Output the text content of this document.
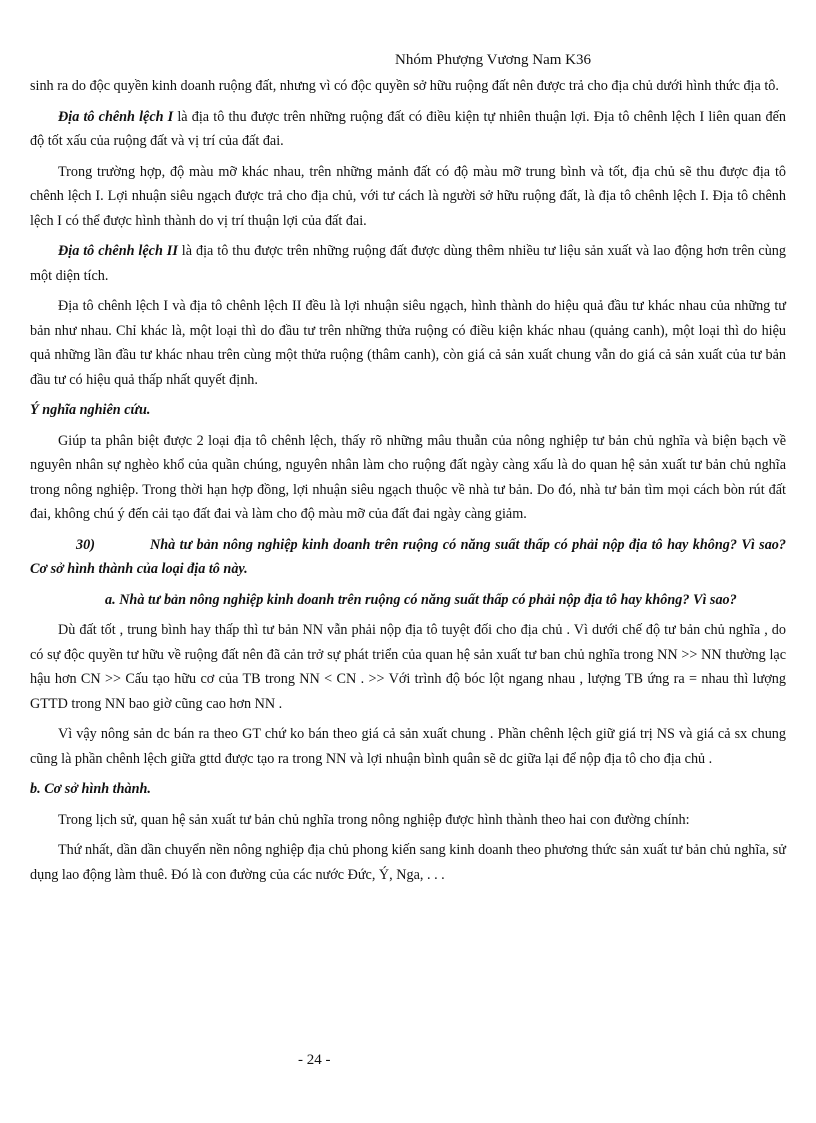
Nhóm Phượng Vương Nam K36

sinh ra do độc quyền kinh doanh ruộng đất, nhưng vì có độc quyền sở hữu ruộng đất nên được trả cho địa chủ dưới hình thức địa tô.

Địa tô chênh lệch I là địa tô thu được trên những ruộng đất có điều kiện tự nhiên thuận lợi. Địa tô chênh lệch I liên quan đến độ tốt xấu của ruộng đất và vị trí của đất đai.

Trong trường hợp, độ màu mỡ khác nhau, trên những mảnh đất có độ màu mỡ trung bình và tốt, địa chủ sẽ thu được địa tô chênh lệch I. Lợi nhuận siêu ngạch được trả cho địa chủ, với tư cách là người sở hữu ruộng đất, là địa tô chênh lệch I. Địa tô chênh lệch I có thể được hình thành do vị trí thuận lợi của đất đai.

Địa tô chênh lệch II là địa tô thu được trên những ruộng đất được dùng thêm nhiều tư liệu sản xuất và lao động hơn trên cùng một diện tích.

Địa tô chênh lệch I và địa tô chênh lệch II đều là lợi nhuận siêu ngạch, hình thành do hiệu quả đầu tư khác nhau của những tư bản như nhau. Chỉ khác là, một loại thì do đầu tư trên những thửa ruộng có điều kiện khác nhau (quảng canh), một loại thì do hiệu quả những lần đầu tư khác nhau trên cùng một thửa ruộng (thâm canh), còn giá cả sản xuất chung vẫn do giá cả sản xuất của tư bản đầu tư có hiệu quả thấp nhất quyết định.

Ý nghĩa nghiên cứu.

Giúp ta phân biệt được 2 loại địa tô chênh lệch, thấy rõ những mâu thuẫn của nông nghiệp tư bản chủ nghĩa và biện bạch về nguyên nhân sự nghèo khổ của quần chúng, nguyên nhân làm cho ruộng đất ngày càng xấu là do quan hệ sản xuất tư bản chủ nghĩa trong nông nghiệp. Trong thời hạn hợp đồng, lợi nhuận siêu ngạch thuộc về nhà tư bản. Do đó, nhà tư bản tìm mọi cách bòn rút đất đai, không chú ý đến cải tạo đất đai và làm cho độ màu mỡ của đất đai ngày càng giảm.

30)	Nhà tư bản nông nghiệp kinh doanh trên ruộng có năng suất thấp có phải nộp địa tô hay không? Vì sao? Cơ sở hình thành của loại địa tô này.

a. Nhà tư bản nông nghiệp kinh doanh trên ruộng có năng suất thấp có phải nộp địa tô hay không? Vì sao?

Dù đất tốt , trung bình hay thấp thì tư bản NN vẫn phải nộp địa tô tuyệt đối cho địa chủ . Vì dưới chế độ tư bản chủ nghĩa , do có sự độc quyền tư hữu về ruộng đất nên đã cản trở sự phát triển của quan hệ sản xuất tư ban chủ nghĩa trong NN >> NN thường lạc hậu hơn CN >> Cấu tạo hữu cơ của TB trong NN < CN . >> Với trình độ bóc lột ngang nhau , lượng TB ứng ra = nhau thì lượng GTTD trong NN bao giờ cũng cao hơn NN .

Vì vậy nông sản dc bán ra theo GT chứ ko bán theo giá cả sản xuất chung . Phần chênh lệch giữ giá trị NS và giá cả sx chung cũng là phần chênh lệch giữa gttd được tạo ra trong NN và lợi nhuận bình quân sẽ dc giữa lại để nộp địa tô cho địa chủ .

b. Cơ sở hình thành.

Trong lịch sử, quan hệ sản xuất tư bản chủ nghĩa trong nông nghiệp được hình thành theo hai con đường chính:

Thứ nhất, dần dần chuyển nền nông nghiệp địa chủ phong kiến sang kinh doanh theo phương thức sản xuất tư bản chủ nghĩa, sử dụng lao động làm thuê. Đó là con đường của các nước Đức, Ý, Nga, . . .

- 24 -
